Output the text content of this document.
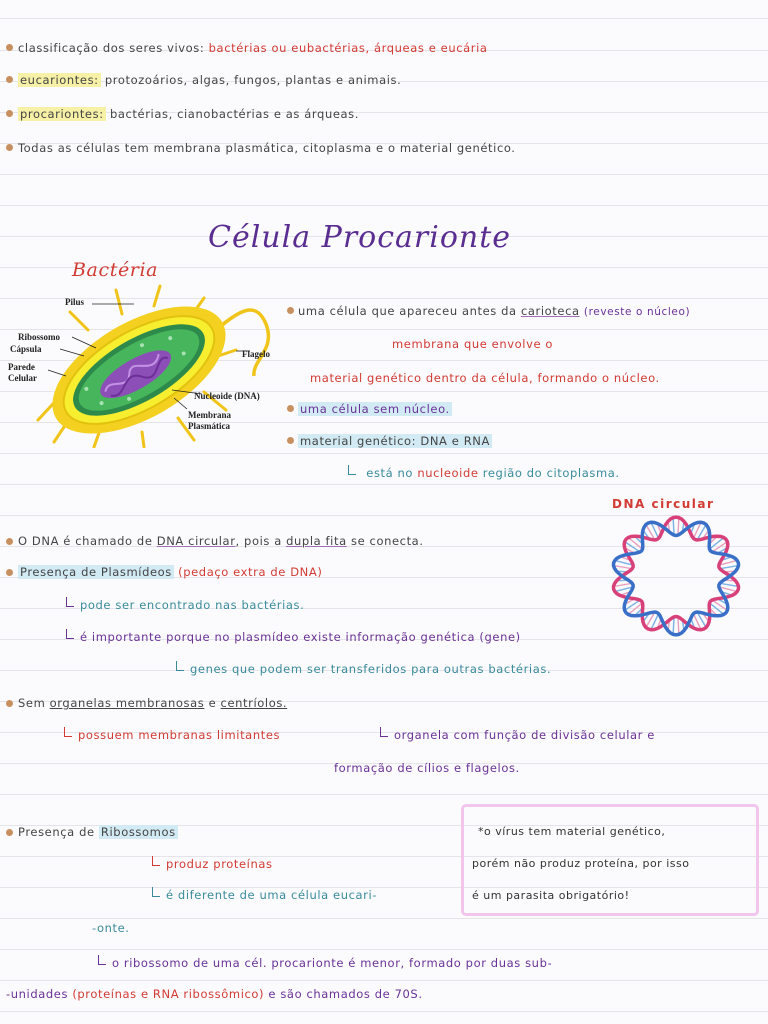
classificação dos seres vivos: bactérias ou eubactérias, árqueas e eucária
eucariontes: protozoários, algas, fungos, plantas e animais.
procariontes: bactérias, cianobactérias e as árqueas.
Todas as células tem membrana plasmática, citoplasma e o material genético.
Célula Procarionte
Bactéria
Pilus
Ribossomo
Cápsula
Parede
Celular
Flagelo
Nucleoide (DNA)
Membrana
Plasmática
uma célula que apareceu antes da carioteca (reveste o núcleo)
membrana que envolve o
material genético dentro da célula, formando o núcleo.
uma célula sem núcleo.
material genético: DNA e RNA
está no nucleoide região do citoplasma.
DNA circular
O DNA é chamado de DNA circular, pois a dupla fita se conecta.
Presença de Plasmídeos (pedaço extra de DNA)
pode ser encontrado nas bactérias.
é importante porque no plasmídeo existe informação genética (gene)
genes que podem ser transferidos para outras bactérias.
Sem organelas membranosas e centríolos.
possuem membranas limitantes	organela com função de divisão celular e
formação de cílios e flagelos.
Presença de Ribossomos
produz proteínas
é diferente de uma célula eucari-
-onte.
o ribossomo de uma cél. procarionte é menor, formado por duas sub-
-unidades (proteínas e RNA ribossômico) e são chamados de 70S.
*o vírus tem material genético,
porém não produz proteína, por isso
é um parasita obrigatório!
